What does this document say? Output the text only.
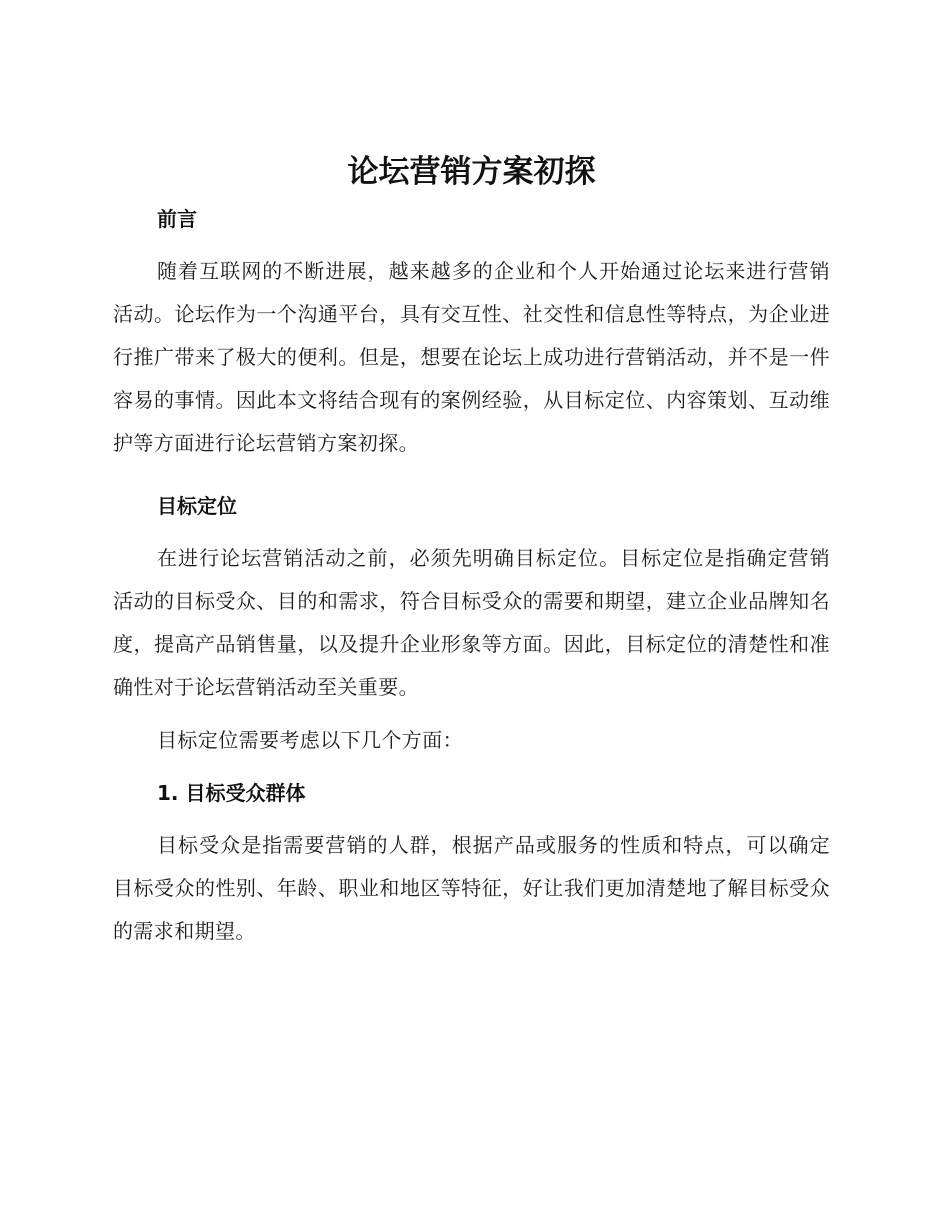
论坛营销方案初探
前言

随着互联网的不断进展，越来越多的企业和个人开始通过论坛来进行营销活动。论坛作为一个沟通平台，具有交互性、社交性和信息性等特点，为企业进行推广带来了极大的便利。但是，想要在论坛上成功进行营销活动，并不是一件容易的事情。因此本文将结合现有的案例经验，从目标定位、内容策划、互动维护等方面进行论坛营销方案初探。

目标定位

在进行论坛营销活动之前，必须先明确目标定位。目标定位是指确定营销活动的目标受众、目的和需求，符合目标受众的需要和期望，建立企业品牌知名度，提高产品销售量，以及提升企业形象等方面。因此，目标定位的清楚性和准确性对于论坛营销活动至关重要。

目标定位需要考虑以下几个方面：

1. 目标受众群体

目标受众是指需要营销的人群，根据产品或服务的性质和特点，可以确定目标受众的性别、年龄、职业和地区等特征，好让我们更加清楚地了解目标受众的需求和期望。
